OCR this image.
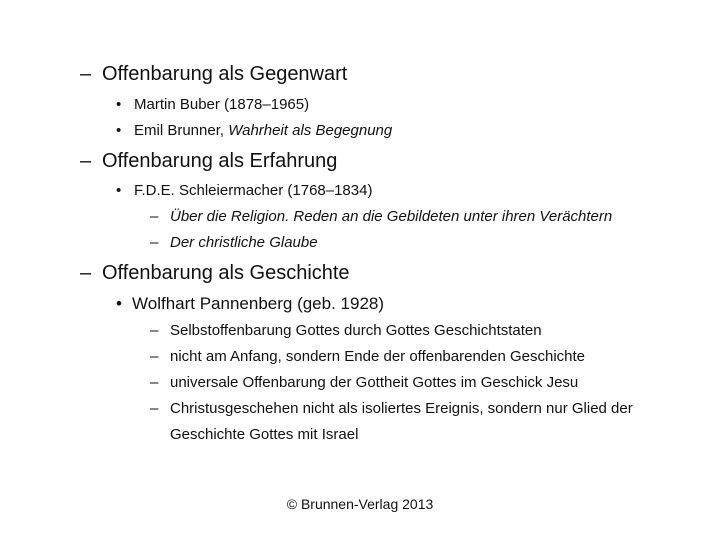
– Offenbarung als Gegenwart
• Martin Buber (1878–1965)
• Emil Brunner, Wahrheit als Begegnung
– Offenbarung als Erfahrung
• F.D.E. Schleiermacher (1768–1834)
– Über die Religion. Reden an die Gebildeten unter ihren Verächtern
– Der christliche Glaube
– Offenbarung als Geschichte
• Wolfhart Pannenberg (geb. 1928)
– Selbstoffenbarung Gottes durch Gottes Geschichtstaten
– nicht am Anfang, sondern Ende der offenbarenden Geschichte
– universale Offenbarung der Gottheit Gottes im Geschick Jesu
– Christusgeschehen nicht als isoliertes Ereignis, sondern nur Glied der Geschichte Gottes mit Israel
© Brunnen-Verlag 2013
